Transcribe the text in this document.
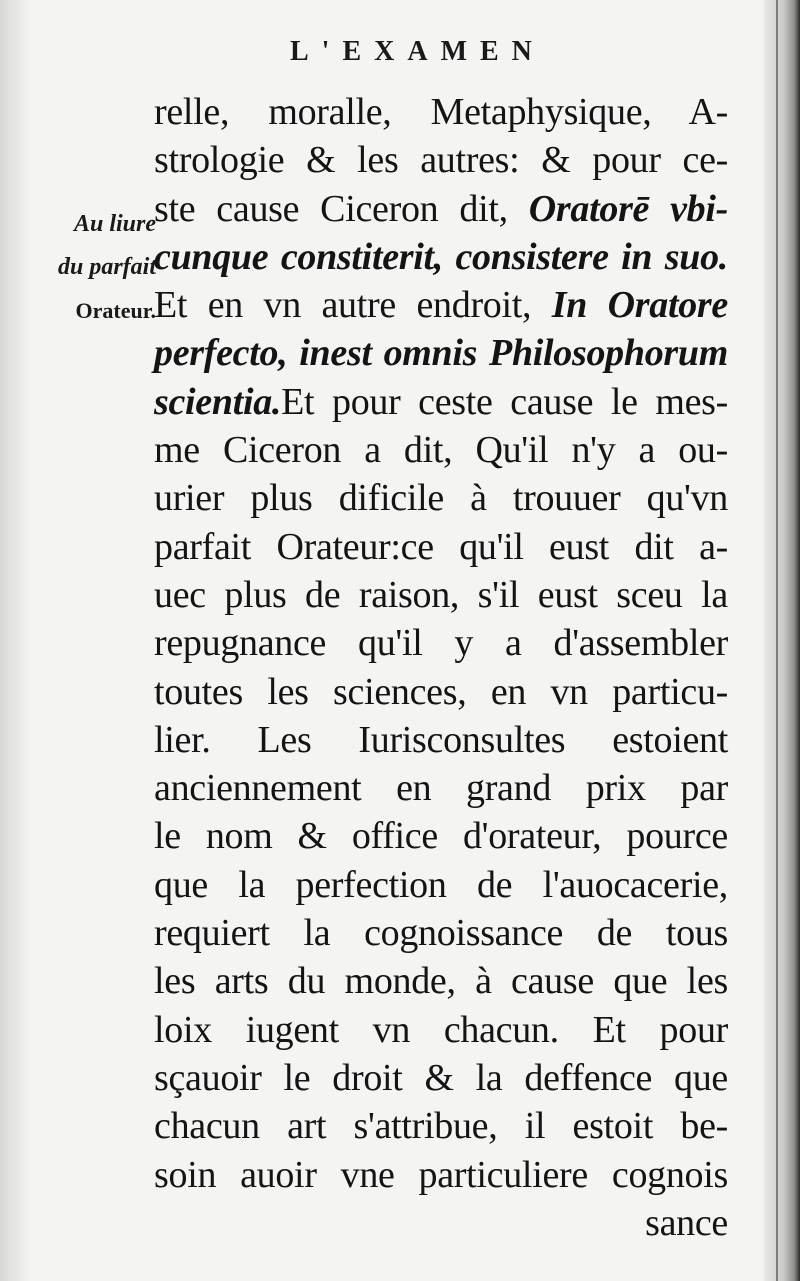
L'EXAMEN
Au liure
du parfait
Orateur.
relle, moralle, Metaphysique, A-
strologie & les autres: & pour ce-
ste cause Ciceron dit, Oratorē vbi-
cunque constiterit, consistere in suo.
Et en vn autre endroit, In Oratore
perfecto, inest omnis Philosophorum
scientia.Et pour ceste cause le mes-
me Ciceron a dit, Qu'il n'y a ou-
urier plus dificile à trouuer qu'vn
parfait Orateur:ce qu'il eust dit a-
uec plus de raison, s'il eust sceu la
repugnance qu'il y a d'assembler
toutes les sciences, en vn particu-
lier. Les Iurisconsultes estoient
anciennement en grand prix par
le nom & office d'orateur, pource
que la perfection de l'auocacerie,
requiert la cognoissance de tous
les arts du monde, à cause que les
loix iugent vn chacun. Et pour
sçauoir le droit & la deffence que
chacun art s'attribue, il estoit be-
soin auoir vne particuliere cognois
sance
